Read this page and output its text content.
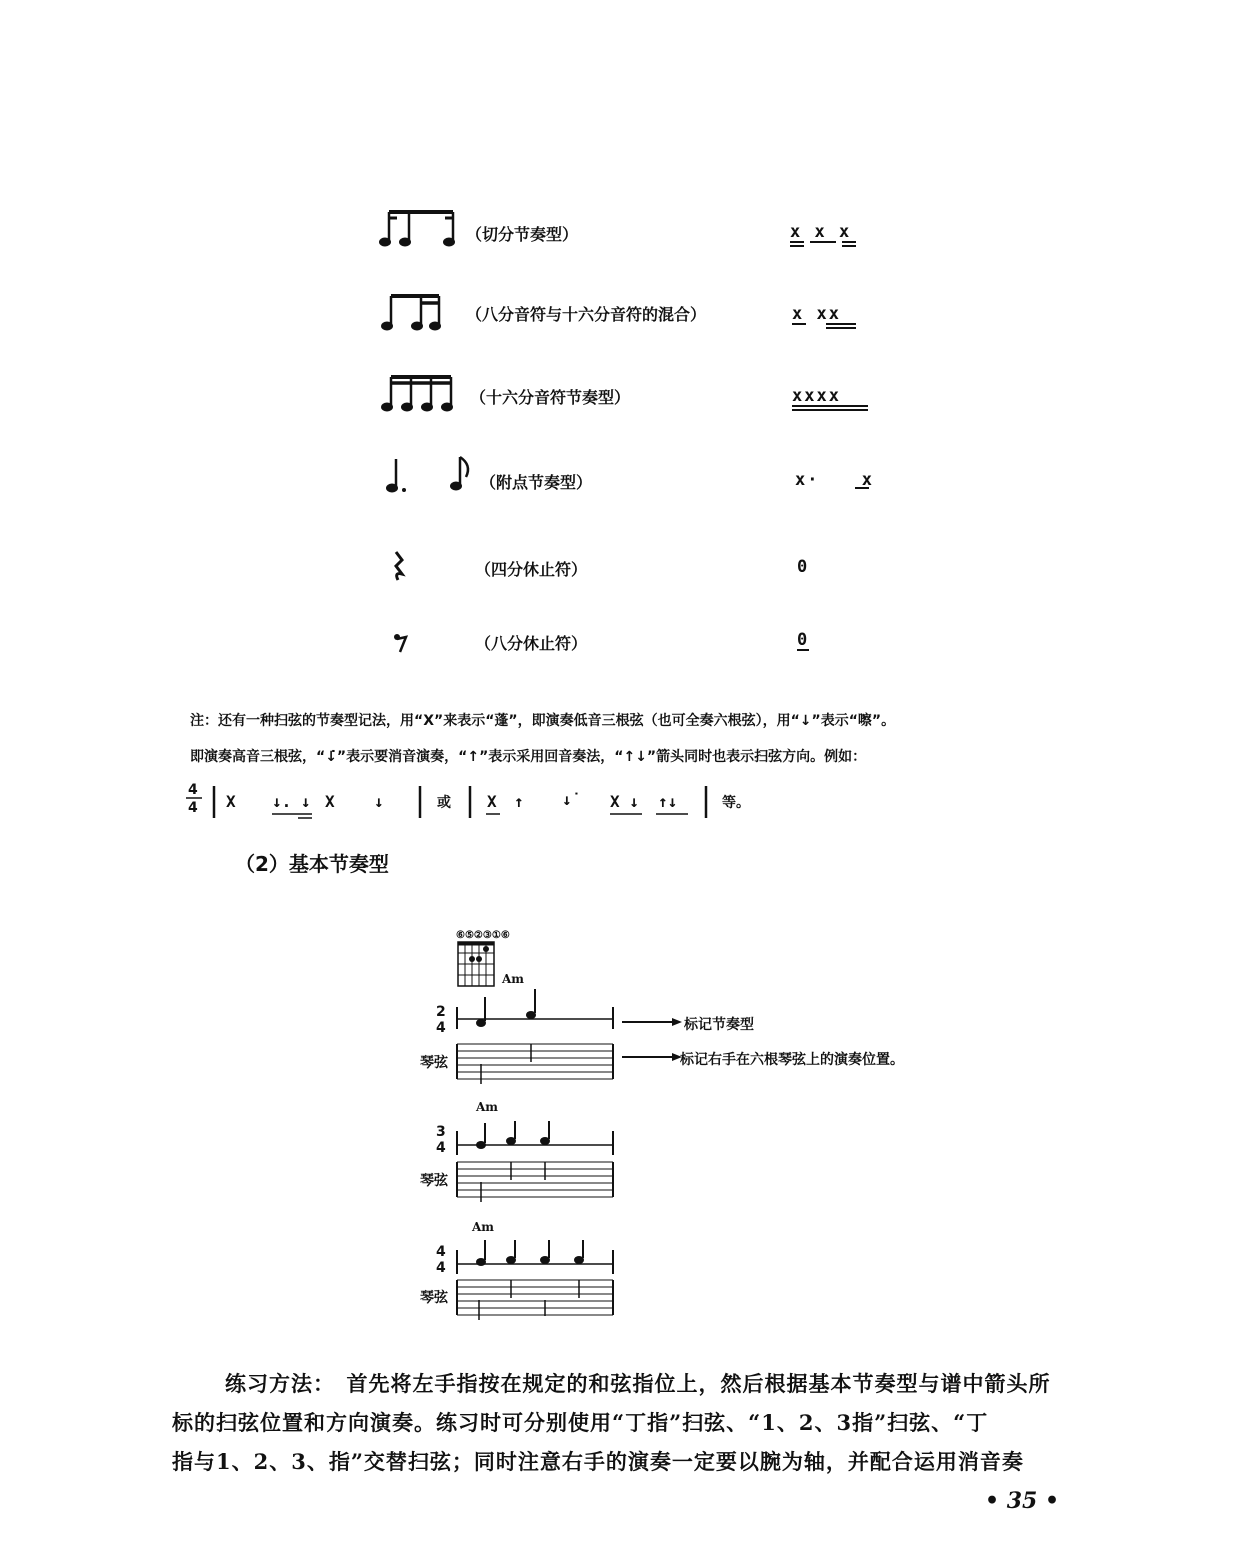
（切分节奏型）	x x x
（八分音符与十六分音符的混合）	x xx
（十六分音符节奏型）	xxxx
（附点节奏型）	x· x
（四分休止符）	0
（八分休止符）	0
注：还有一种扫弦的节奏型记法，用“X”来表示“蓬”，即演奏低音三根弦（也可全奏六根弦），用“↓”表示“嚓”。
即演奏高音三根弦，“↓̇”表示要消音演奏，“↑”表示采用回音奏法，“↑↓”箭头同时也表示扫弦方向。例如：
4
4 X ↓. ↓ X ↓	或 X ↑ ↓̇ X ↓ ↑↓	等。
（2）基本节奏型
⑥⑤②③①⑥
Am
2
4	标记节奏型
琴弦	标记右手在六根琴弦上的演奏位置。
Am
3
4
琴弦
Am
4
4
琴弦
练习方法：　首先将左手指按在规定的和弦指位上，然后根据基本节奏型与谱中箭头所
标的扫弦位置和方向演奏。练习时可分别使用“丁指”扫弦、“1、2、3指”扫弦、“丁
指与1、2、3、指”交替扫弦；同时注意右手的演奏一定要以腕为轴，并配合运用消音奏
• 35 •
